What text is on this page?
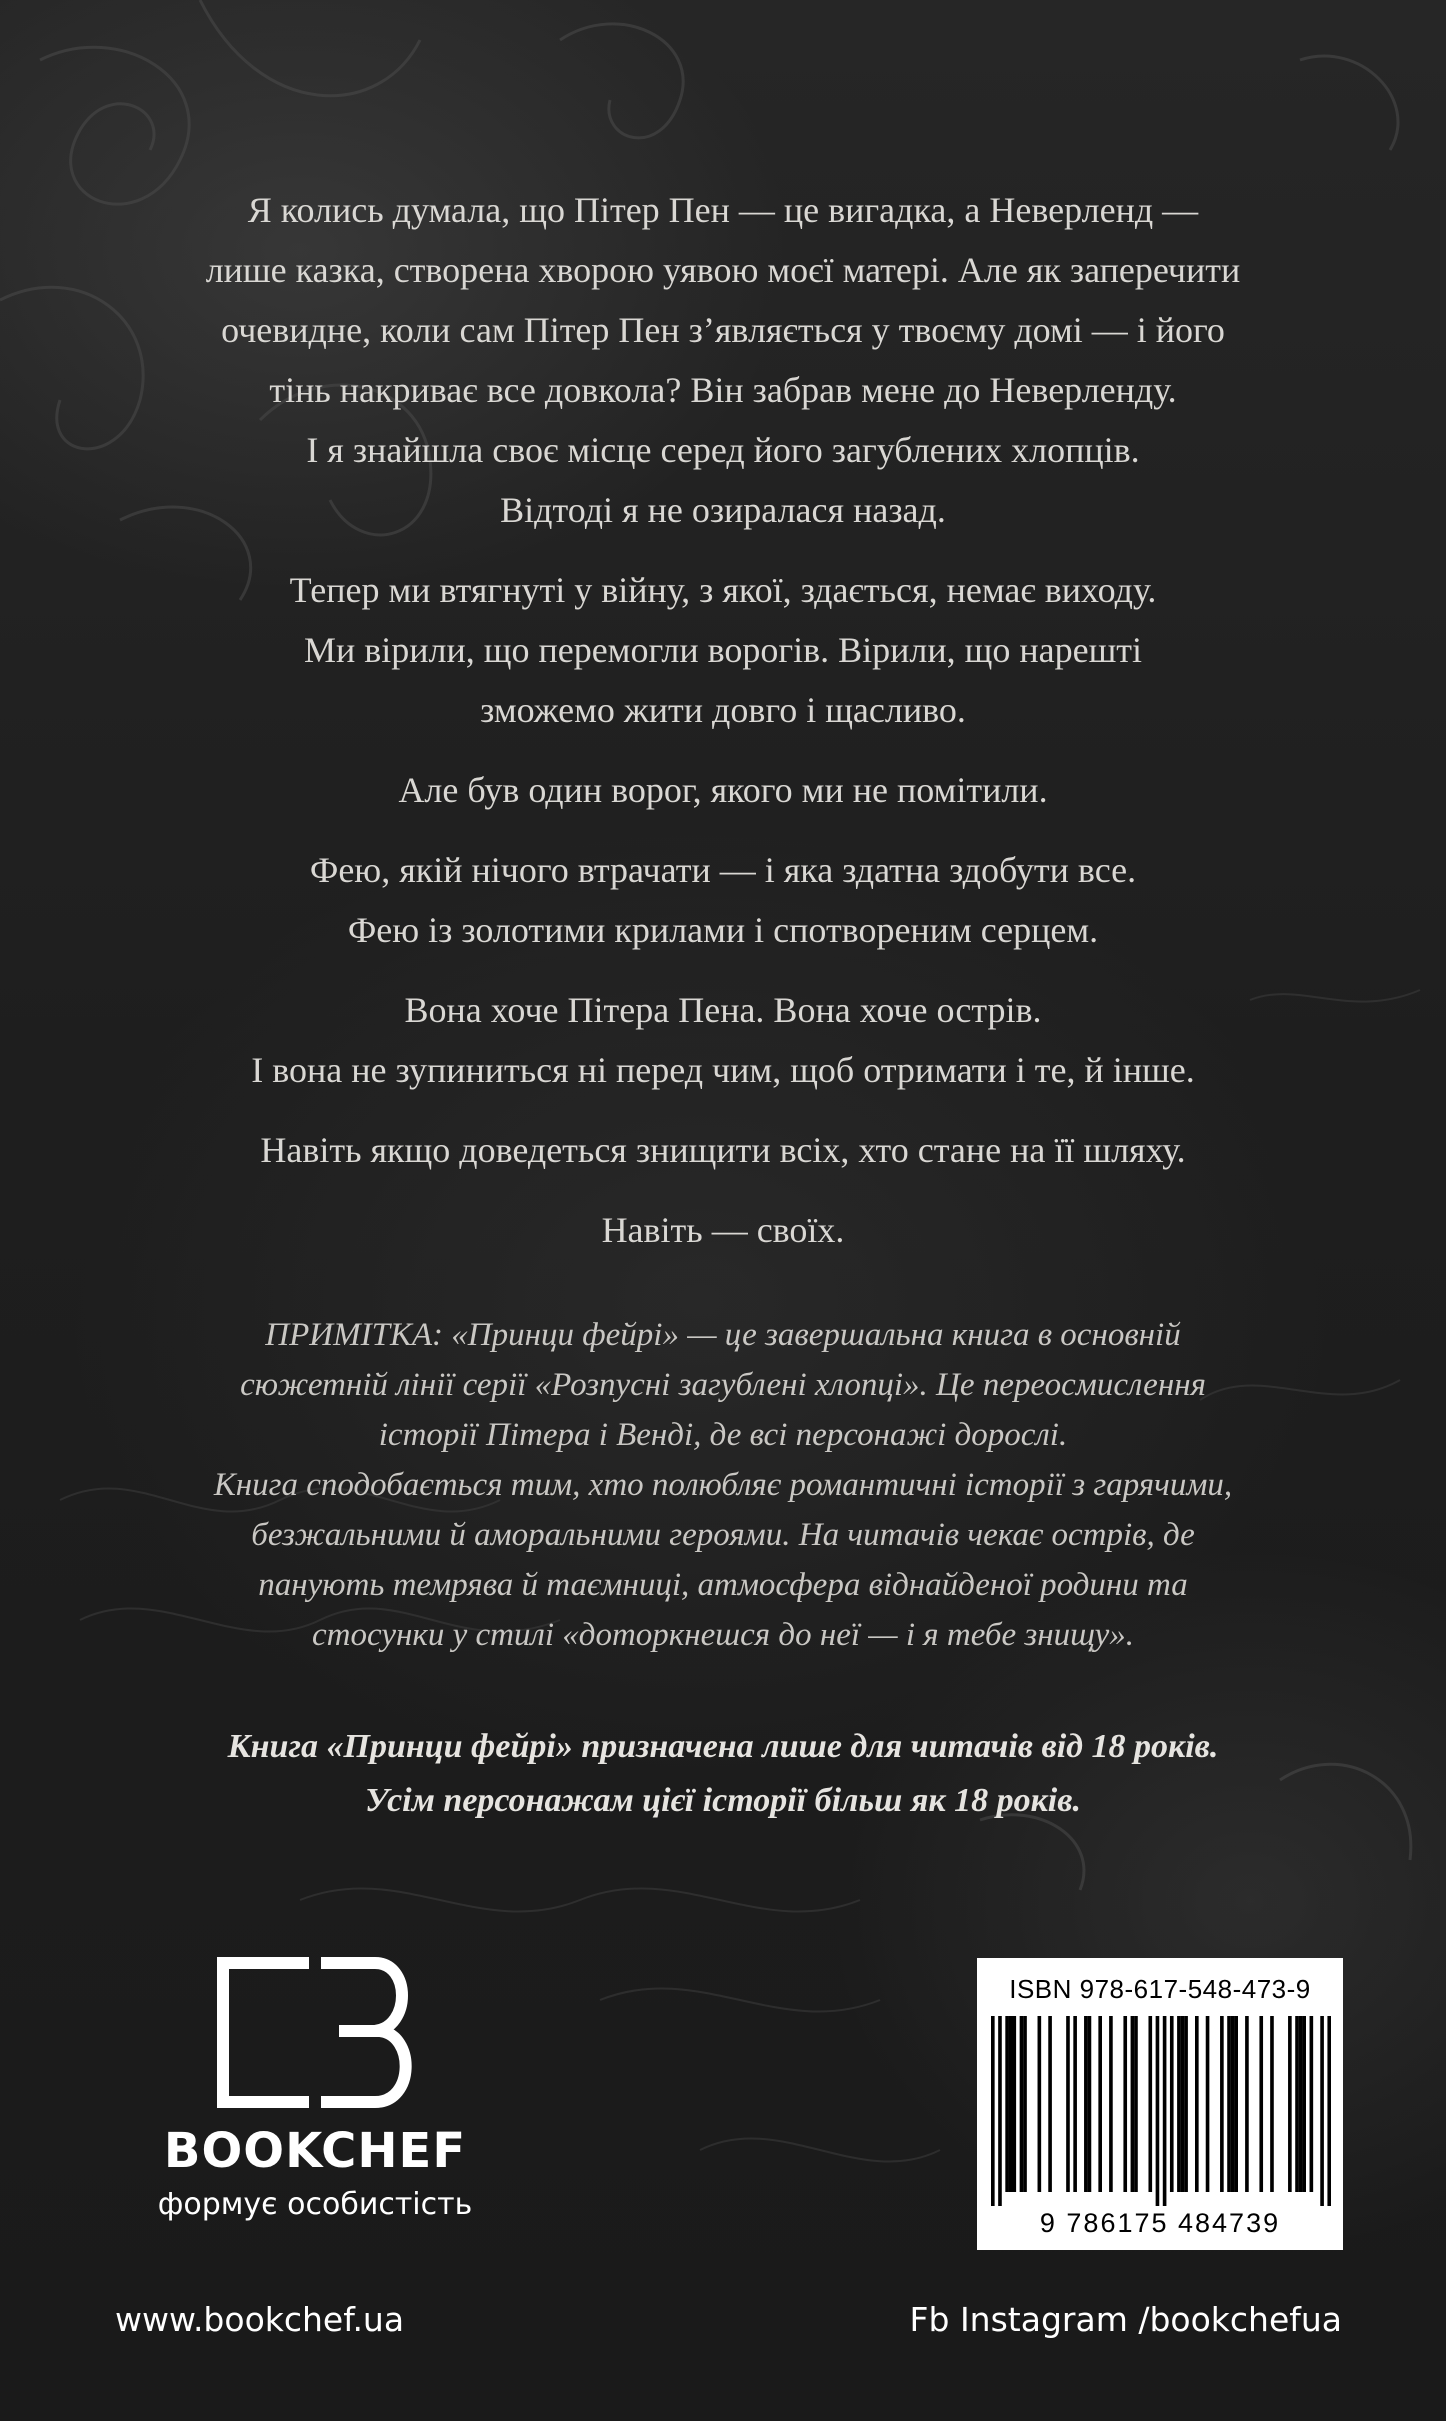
Я колись думала, що Пітер Пен — це вигадка, а Неверленд —
лише казка, створена хворою уявою моєї матері. Але як заперечити
очевидне, коли сам Пітер Пен з’являється у твоєму домі — і його
тінь накриває все довкола? Він забрав мене до Неверленду.
І я знайшла своє місце серед його загублених хлопців.
Відтоді я не озиралася назад.

Тепер ми втягнуті у війну, з якої, здається, немає виходу.
Ми вірили, що перемогли ворогів. Вірили, що нарешті
зможемо жити довго і щасливо.

Але був один ворог, якого ми не помітили.

Фею, якій нічого втрачати — і яка здатна здобути все.
Фею із золотими крилами і спотвореним серцем.

Вона хоче Пітера Пена. Вона хоче острів.
І вона не зупиниться ні перед чим, щоб отримати і те, й інше.

Навіть якщо доведеться знищити всіх, хто стане на її шляху.

Навіть — своїх.

ПРИМІТКА: «Принци фейрі» — це завершальна книга в основній
сюжетній лінії серії «Розпусні загублені хлопці». Це переосмислення
історії Пітера і Венді, де всі персонажі дорослі.
Книга сподобається тим, хто полюбляє романтичні історії з гарячими,
безжальними й аморальними героями. На читачів чекає острів, де
панують темрява й таємниці, атмосфера віднайденої родини та
стосунки у стилі «доторкнешся до неї — і я тебе знищу».

Книга «Принци фейрі» призначена лише для читачів від 18 років.
Усім персонажам цієї історії більш як 18 років.

BOOKCHEF
формує особистість
www.bookchef.ua	Fb Instagram /bookchefua
ISBN 978-617-548-473-9
9 786175 484739
